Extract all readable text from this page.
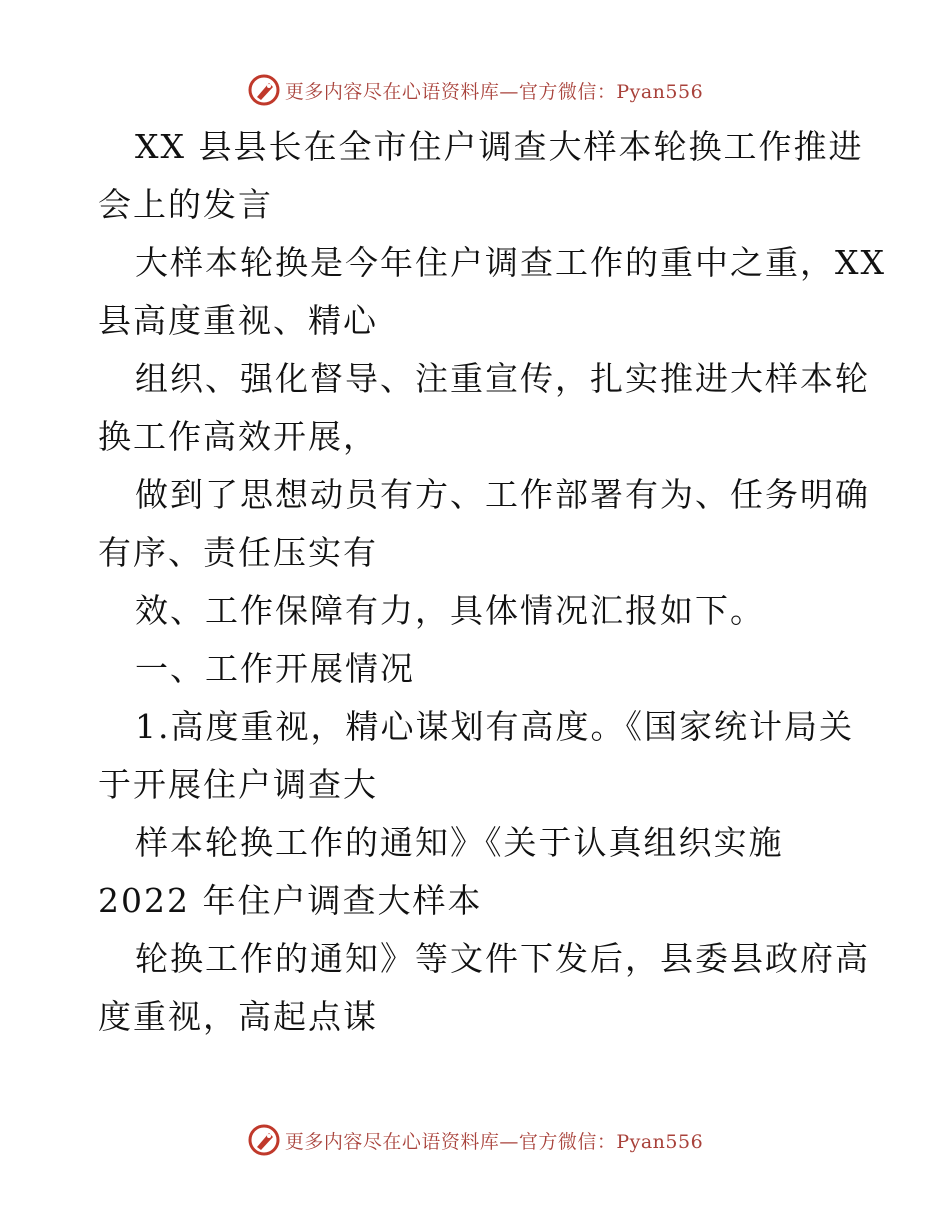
更多内容尽在心语资料库—官方微信：Pyan556
XX 县县长在全市住户调查大样本轮换工作推进
会上的发言
大样本轮换是今年住户调查工作的重中之重，XX
县高度重视、精心
组织、强化督导、注重宣传，扎实推进大样本轮
换工作高效开展，
做到了思想动员有方、工作部署有为、任务明确
有序、责任压实有
效、工作保障有力，具体情况汇报如下。
一、工作开展情况
1.高度重视，精心谋划有高度。《国家统计局关
于开展住户调查大
样本轮换工作的通知》《关于认真组织实施
2022 年住户调查大样本
轮换工作的通知》等文件下发后，县委县政府高
度重视，高起点谋
更多内容尽在心语资料库—官方微信：Pyan556
